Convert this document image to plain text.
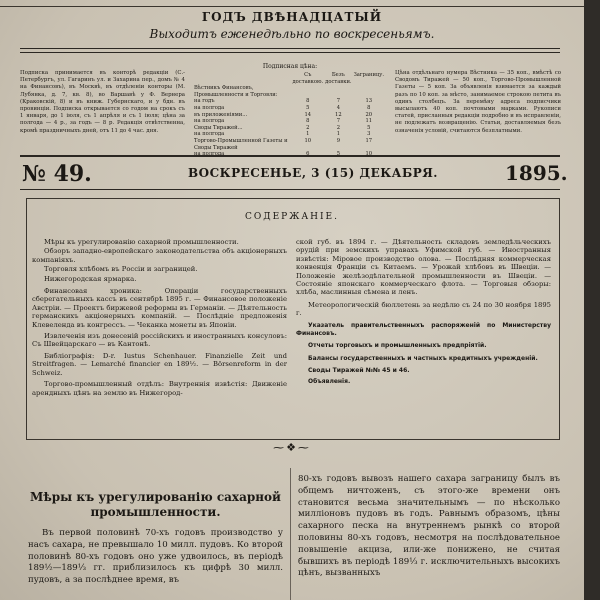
ГОДЪ ДВѢНАДЦАТЫЙ
Выходитъ еженедѣльно по воскресеньямъ.
Подписка принимается въ конторѣ редакціи (С.-Петербургъ, ул. Гагаринъ ул. и Захарина пер., домъ № 4 на Финансовъ), въ Москвѣ, въ отдѣленіи конторы (М. Лубянка, д. 7, кв. 8), во Варшавѣ у Ф. Вернера (Краковскiй, 8) и въ книж. Губернскаго, и у бдн. въ провинціи. Подписка открывается со годом на срокъ съ 1 января, до 1 іюля, съ 1 апрѣля и съ 1 іюля; цѣна за полгода — 4 р., за годъ — 8 р. Редакція отвѣтственна, кромѣ праздничныхъ дней, отъ 11 до 4 час. дня.
Подписная цѣна:
	Съ доставкою.	Безъ доставки.	Заграницу.
Вѣстникъ Финансовъ, Промышленности и Торговли:			
на годъ	8	7	13
на полгода	5	4	8
въ приложеніями...	14	12	20
на полгода	8	7	11
Своды Тиражей...	2	2	5
на полгода	1	1	3
Торгово-Промышленной Газеты и Своды Тиражей	10	9	17
на полгода	6	5	10
Цѣна отдѣльнаго нумера Вѣстника — 35 коп., вмѣстѣ со Сводомъ Тиражей — 50 коп., Торгово-Промышленной Газеты — 5 коп. За объявленія взимается за каждый разъ по 10 коп. за мѣсто, занимаемое строкою петита въ одинъ столбецъ. За перемѣну адреса подписчики высылаютъ 40 коп. почтовыми марками. Рукописи статей, присланныя редакціи подробно и въ исправленіи, не подлежатъ возвращенію. Статьи, доставляемыя безъ означенія условій, считаются безплатными.
№ 49.	ВОСКРЕСЕНЬЕ, 3 (15) ДЕКАБРЯ.	1895.
СОДЕРЖАНІЕ.

Мѣры къ урегулированію сахарной промышленности.

Обзоръ западно-европейскаго законодательства объ акціонерныхъ компаніяхъ.

Торговля хлѣбомъ въ Россіи и заграницей.

Нижегородская ярмарка.

Финансовая хроника: Операціи государственныхъ сберегательныхъ кассъ въ сентябрѣ 1895 г. — Финансовое положеніе Австріи. — Проектъ биржевой реформы въ Германіи. — Дѣятельность германскихъ акціонерныхъ компаній. — Послѣдніе предложенія Клевеленда въ конгрессъ. — Чеканка монеты въ Японіи.

Извлеченія изъ донесеній россійскихъ и иностранныхъ консуловъ: Съ Швейцарскаго — въ Кантонѣ.

Библіографія: D-r. Iustus Schenhauer. Finanzielle Zeit und Streitfragen. — Lemarché financier en 189½. — Börsenreform in der Schweiz.

Торгово-промышленный отдѣлъ: Внутреннія извѣстія: Движеніе арендныхъ цѣнъ на землю въ Нижегород-

ской губ. въ 1894 г. — Дѣятельность складовъ земледѣльческихъ орудій при земскихъ управахъ Уфимской губ. — Иностранныя извѣстія: Міровое производство олова. — Послѣдняя коммерческая конвенція Франціи съ Китаемъ. — Урожай хлѣбовъ въ Швеціи. — Положеніе желѣзодѣлательной промышленности въ Швеціи. — Состояніе японскаго коммерческаго флота. — Торговыя обзоры: хлѣба, маслинныя сѣмена и ленъ.

Метеорологическій бюллетень за недѣлю съ 24 по 30 ноября 1895 г.

Указатель правительственныхъ распоряженій по Министерству Финансовъ.

Отчеты торговыхъ и промышленныхъ предпріятій.

Балансы государственныхъ и частныхъ кредитныхъ учрежденій.

Своды Тиражей №№ 45 и 46.

Объявленія.

⁓❖⁓
Мѣры къ урегулированію сахарной промышленности.
Въ первой половинѣ 70-хъ годовъ производство у насъ сахара, не превышало 10 милл. пудовъ. Ко второй половинѣ 80-хъ годовъ оно уже удвоилось, въ періодѣ 189½—189⅓ гг. приблизилось къ цифрѣ 30 милл. пудовъ, а за послѣднее время, въ
80-хъ годовъ вывозъ нашего сахара заграницу былъ въ общемъ ничтоженъ, съ этого-же времени онъ становится весьма значительнымъ — по нѣсколько милліоновъ пудовъ въ годъ. Равнымъ образомъ, цѣны сахарного песка на внутреннемъ рынкѣ со второй половины 80-хъ годовъ, несмотря на послѣдовательное повышеніе акциза, или-же понижено, не считая бывшихъ въ періодѣ 189⅓ г. исключительныхъ высокихъ цѣнъ, вызванныхъ
